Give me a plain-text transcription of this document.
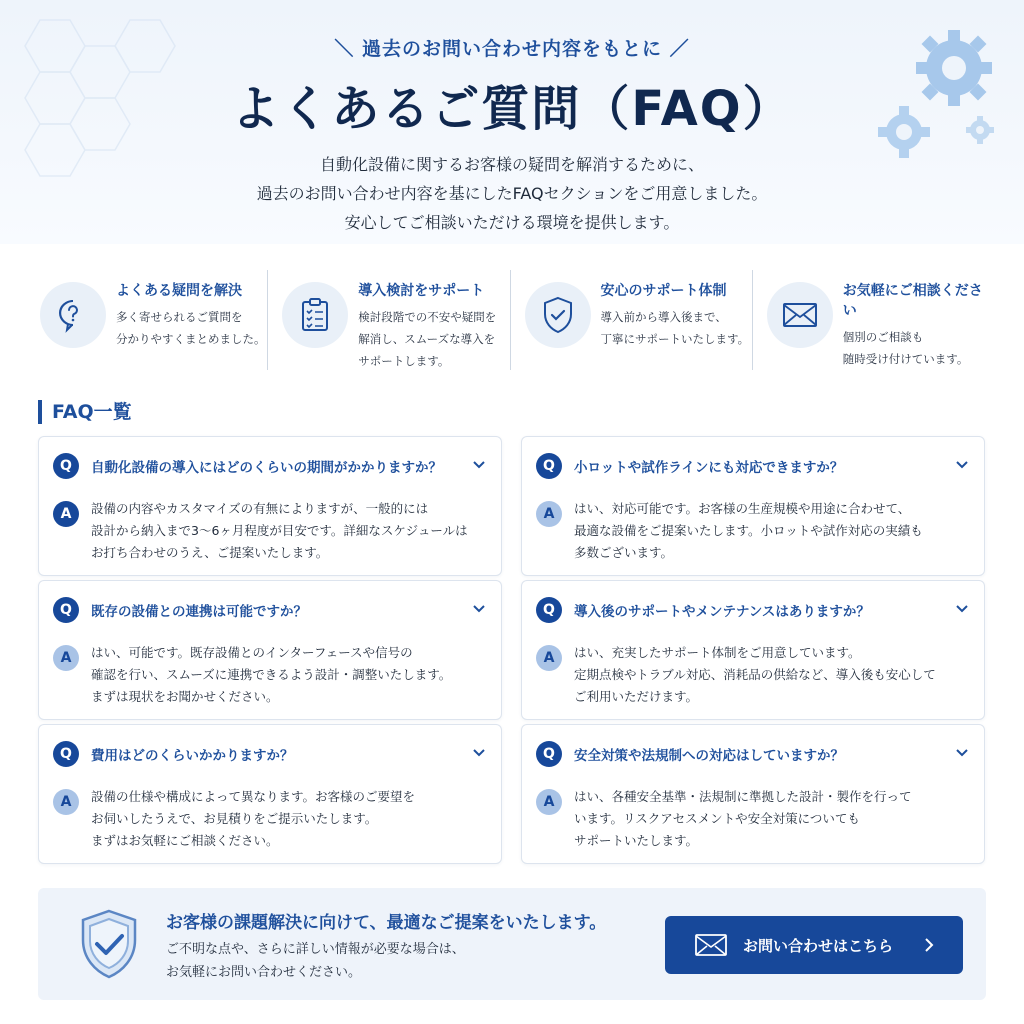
＼ 過去のお問い合わせ内容をもとに ／
よくあるご質問（FAQ）
自動化設備に関するお客様の疑問を解消するために、
過去のお問い合わせ内容を基にしたFAQセクションをご用意しました。
安心してご相談いただける環境を提供します。
よくある疑問を解決
多く寄せられるご質問を
分かりやすくまとめました。
導入検討をサポート
検討段階での不安や疑問を
解消し、スムーズな導入を
サポートします。
安心のサポート体制
導入前から導入後まで、
丁寧にサポートいたします。
お気軽にご相談ください
個別のご相談も
随時受け付けています。
FAQ一覧
Q	自動化設備の導入にはどのくらいの期間がかかりますか？
A	設備の内容やカスタマイズの有無によりますが、一般的には
設計から納入まで3〜6ヶ月程度が目安です。詳細なスケジュールは
お打ち合わせのうえ、ご提案いたします。
Q	小ロットや試作ラインにも対応できますか？
A	はい、対応可能です。お客様の生産規模や用途に合わせて、
最適な設備をご提案いたします。小ロットや試作対応の実績も
多数ございます。
Q	既存の設備との連携は可能ですか？
A	はい、可能です。既存設備とのインターフェースや信号の
確認を行い、スムーズに連携できるよう設計・調整いたします。
まずは現状をお聞かせください。
Q	導入後のサポートやメンテナンスはありますか？
A	はい、充実したサポート体制をご用意しています。
定期点検やトラブル対応、消耗品の供給など、導入後も安心して
ご利用いただけます。
Q	費用はどのくらいかかりますか？
A	設備の仕様や構成によって異なります。お客様のご要望を
お伺いしたうえで、お見積りをご提示いたします。
まずはお気軽にご相談ください。
Q	安全対策や法規制への対応はしていますか？
A	はい、各種安全基準・法規制に準拠した設計・製作を行って
います。リスクアセスメントや安全対策についても
サポートいたします。
お客様の課題解決に向けて、最適なご提案をいたします。
ご不明な点や、さらに詳しい情報が必要な場合は、
お気軽にお問い合わせください。
お問い合わせはこちら
